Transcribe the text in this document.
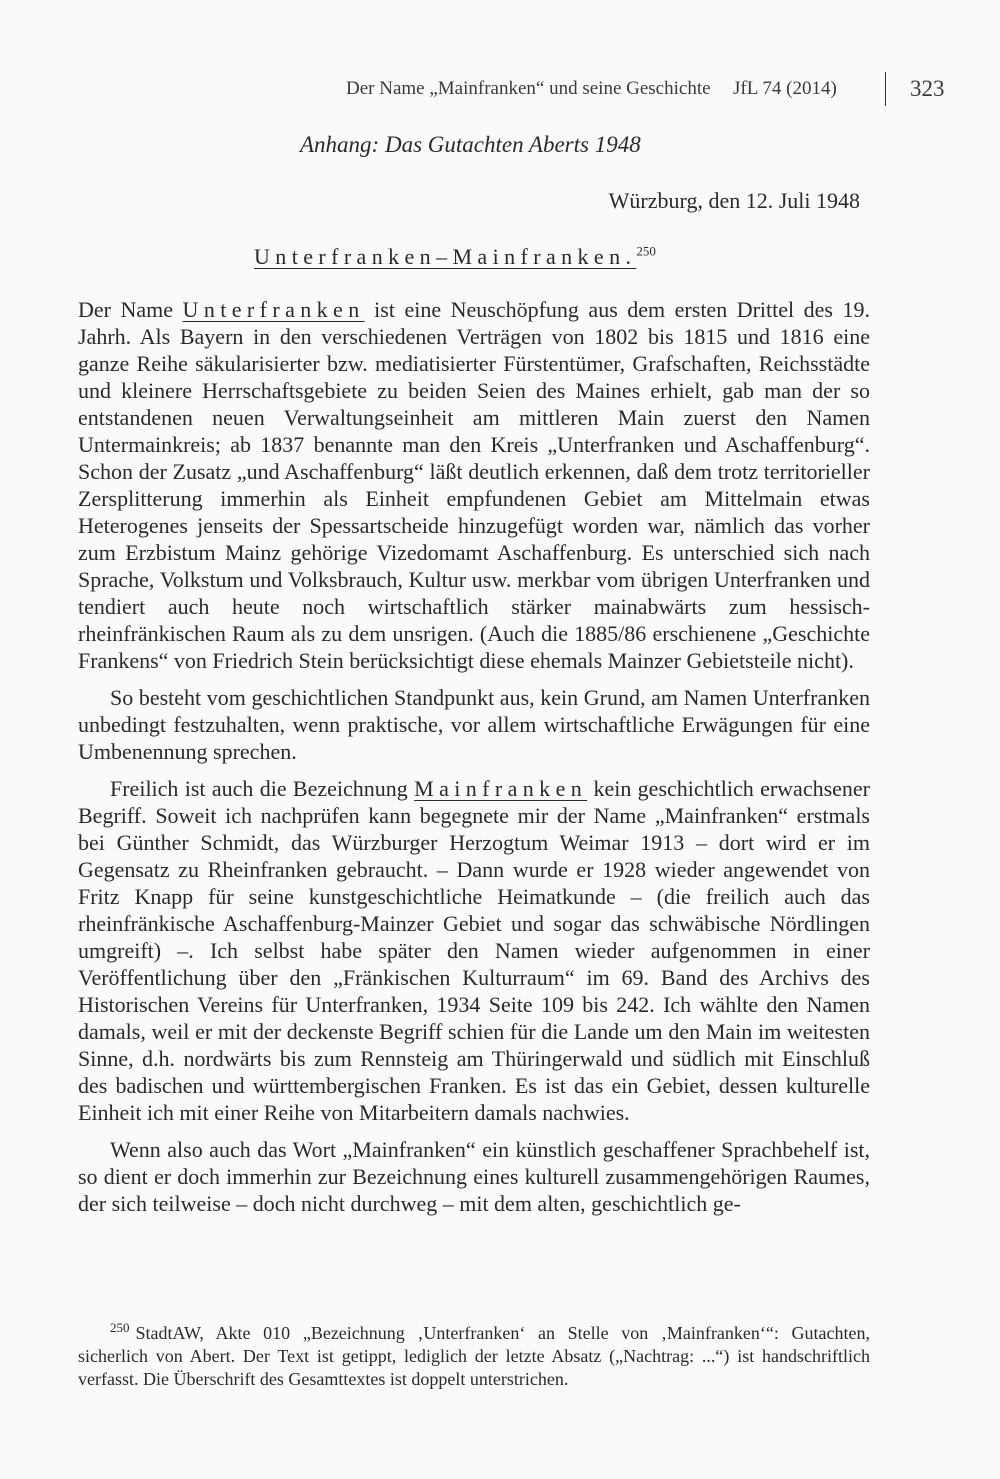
Der Name „Mainfranken“ und seine Geschichte JfL 74 (2014)	323
Anhang: Das Gutachten Aberts 1948
Würzburg, den 12. Juli 1948
Unterfranken–Mainfranken.$^{250}$

Der Name Unterfranken ist eine Neuschöpfung aus dem ersten Drittel des 19. Jahrh. Als Bayern in den verschiedenen Verträgen von 1802 bis 1815 und 1816 eine ganze Reihe säkularisierter bzw. mediatisierter Fürstentümer, Grafschaften, Reichsstädte und kleinere Herrschaftsgebiete zu beiden Seien des Maines erhielt, gab man der so entstandenen neuen Verwaltungseinheit am mittleren Main zuerst den Namen Untermainkreis; ab 1837 benannte man den Kreis „Unterfranken und Aschaffenburg“. Schon der Zusatz „und Aschaffenburg“ läßt deutlich erkennen, daß dem trotz territorieller Zersplitterung immerhin als Einheit empfundenen Gebiet am Mittelmain etwas Heterogenes jenseits der Spessartscheide hinzugefügt worden war, nämlich das vorher zum Erzbistum Mainz gehörige Vizedomamt Aschaffenburg. Es unterschied sich nach Sprache, Volkstum und Volksbrauch, Kultur usw. merkbar vom übrigen Unterfranken und tendiert auch heute noch wirtschaftlich stärker mainabwärts zum hessisch-rheinfränkischen Raum als zu dem unsrigen. (Auch die 1885/86 erschienene „Geschichte Frankens“ von Friedrich Stein berücksichtigt diese ehemals Mainzer Gebietsteile nicht).

So besteht vom geschichtlichen Standpunkt aus, kein Grund, am Namen Unterfranken unbedingt festzuhalten, wenn praktische, vor allem wirtschaftliche Erwägungen für eine Umbenennung sprechen.

Freilich ist auch die Bezeichnung Mainfranken kein geschichtlich erwachsener Begriff. Soweit ich nachprüfen kann begegnete mir der Name „Mainfranken“ erstmals bei Günther Schmidt, das Würzburger Herzogtum Weimar 1913 – dort wird er im Gegensatz zu Rheinfranken gebraucht. – Dann wurde er 1928 wieder angewendet von Fritz Knapp für seine kunstgeschichtliche Heimatkunde – (die freilich auch das rheinfränkische Aschaffenburg-Mainzer Gebiet und sogar das schwäbische Nördlingen umgreift) –. Ich selbst habe später den Namen wieder aufgenommen in einer Veröffentlichung über den „Fränkischen Kulturraum“ im 69. Band des Archivs des Historischen Vereins für Unterfranken, 1934 Seite 109 bis 242. Ich wählte den Namen damals, weil er mit der deckenste Begriff schien für die Lande um den Main im weitesten Sinne, d.h. nordwärts bis zum Rennsteig am Thüringerwald und südlich mit Einschluß des badischen und württembergischen Franken. Es ist das ein Gebiet, dessen kulturelle Einheit ich mit einer Reihe von Mitarbeitern damals nachwies.

Wenn also auch das Wort „Mainfranken“ ein künstlich geschaffener Sprachbehelf ist, so dient er doch immerhin zur Bezeichnung eines kulturell zusammengehörigen Raumes, der sich teilweise – doch nicht durchweg – mit dem alten, geschichtlich ge-

$^{250}$ StadtAW, Akte 010 „Bezeichnung ‚Unterfranken‘ an Stelle von ‚Mainfranken‘“: Gutachten, sicherlich von Abert. Der Text ist getippt, lediglich der letzte Absatz („Nachtrag: ...“) ist handschriftlich verfasst. Die Überschrift des Gesamttextes ist doppelt unterstrichen.
